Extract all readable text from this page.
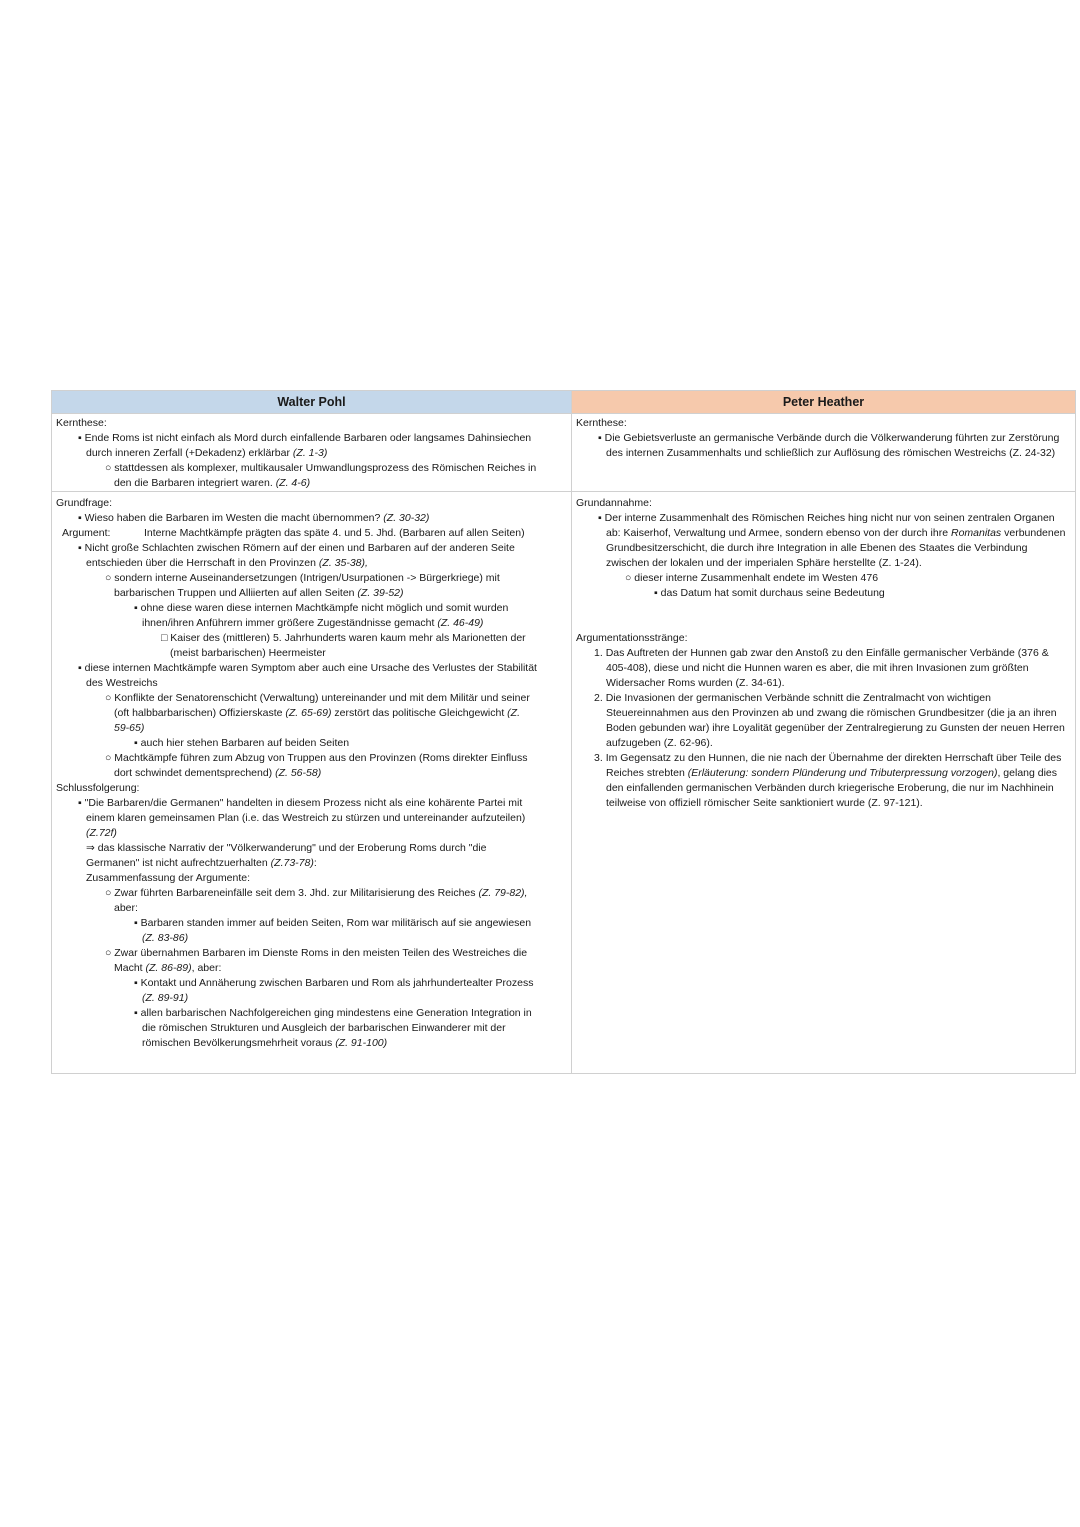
Walter Pohl	Peter Heather

Kernthese:

▪ Ende Roms ist nicht einfach als Mord durch einfallende Barbaren oder langsames Dahinsiechen

durch inneren Zerfall (+Dekadenz) erklärbar (Z. 1-3)

○ stattdessen als komplexer, multikausaler Umwandlungsprozess des Römischen Reiches in

den die Barbaren integriert waren. (Z. 4-6)

Grundfrage:

▪ Wieso haben die Barbaren im Westen die macht übernommen? (Z. 30-32)

Argument:	Interne Machtkämpfe prägten das späte 4. und 5. Jhd. (Barbaren auf allen Seiten)

▪ Nicht große Schlachten zwischen Römern auf der einen und Barbaren auf der anderen Seite

entschieden über die Herrschaft in den Provinzen (Z. 35-38),

○ sondern interne Auseinandersetzungen (Intrigen/Usurpationen -> Bürgerkriege) mit

barbarischen Truppen und Alliierten auf allen Seiten (Z. 39-52)

▪ ohne diese waren diese internen Machtkämpfe nicht möglich und somit wurden

ihnen/ihren Anführern immer größere Zugeständnisse gemacht (Z. 46-49)

□ Kaiser des (mittleren) 5. Jahrhunderts waren kaum mehr als Marionetten der

(meist barbarischen) Heermeister

▪ diese internen Machtkämpfe waren Symptom aber auch eine Ursache des Verlustes der Stabilität

des Westreichs

○ Konflikte der Senatorenschicht (Verwaltung) untereinander und mit dem Militär und seiner

(oft halbbarbarischen) Offizierskaste (Z. 65-69) zerstört das politische Gleichgewicht (Z.

59-65)

▪ auch hier stehen Barbaren auf beiden Seiten

○ Machtkämpfe führen zum Abzug von Truppen aus den Provinzen (Roms direkter Einfluss

dort schwindet dementsprechend) (Z. 56-58)

Schlussfolgerung:

▪ "Die Barbaren/die Germanen" handelten in diesem Prozess nicht als eine kohärente Partei mit

einem klaren gemeinsamen Plan (i.e. das Westreich zu stürzen und untereinander aufzuteilen)

(Z.72f)

⇒ das klassische Narrativ der "Völkerwanderung" und der Eroberung Roms durch "die

Germanen" ist nicht aufrechtzuerhalten (Z.73-78):

Zusammenfassung der Argumente:

○ Zwar führten Barbareneinfälle seit dem 3. Jhd. zur Militarisierung des Reiches (Z. 79-82),

aber:

▪ Barbaren standen immer auf beiden Seiten, Rom war militärisch auf sie angewiesen

(Z. 83-86)

○ Zwar übernahmen Barbaren im Dienste Roms in den meisten Teilen des Westreiches die

Macht (Z. 86-89), aber:

▪ Kontakt und Annäherung zwischen Barbaren und Rom als jahrhundertealter Prozess

(Z. 89-91)

▪ allen barbarischen Nachfolgereichen ging mindestens eine Generation Integration in

die römischen Strukturen und Ausgleich der barbarischen Einwanderer mit der

römischen Bevölkerungsmehrheit voraus (Z. 91-100)

Kernthese:

▪ Die Gebietsverluste an germanische Verbände durch die Völkerwanderung führten zur Zerstörung des internen Zusammenhalts und schließlich zur Auflösung des römischen Westreichs (Z. 24-32)

Grundannahme:

▪ Der interne Zusammenhalt des Römischen Reiches hing nicht nur von seinen zentralen Organen ab: Kaiserhof, Verwaltung und Armee, sondern ebenso von der durch ihre Romanitas verbundenen Grundbesitzerschicht, die durch ihre Integration in alle Ebenen des Staates die Verbindung zwischen der lokalen und der imperialen Sphäre herstellte (Z. 1-24).

○ dieser interne Zusammenhalt endete im Westen 476

▪ das Datum hat somit durchaus seine Bedeutung

Argumentationsstränge:

1. Das Auftreten der Hunnen gab zwar den Anstoß zu den Einfälle germanischer Verbände (376 & 405-408), diese und nicht die Hunnen waren es aber, die mit ihren Invasionen zum größten Widersacher Roms wurden (Z. 34-61).

2. Die Invasionen der germanischen Verbände schnitt die Zentralmacht von wichtigen Steuereinnahmen aus den Provinzen ab und zwang die römischen Grundbesitzer (die ja an ihren Boden gebunden war) ihre Loyalität gegenüber der Zentralregierung zu Gunsten der neuen Herren aufzugeben (Z. 62-96).

3. Im Gegensatz zu den Hunnen, die nie nach der Übernahme der direkten Herrschaft über Teile des Reiches strebten (Erläuterung: sondern Plünderung und Tributerpressung vorzogen), gelang dies den einfallenden germanischen Verbänden durch kriegerische Eroberung, die nur im Nachhinein teilweise von offiziell römischer Seite sanktioniert wurde (Z. 97-121).
